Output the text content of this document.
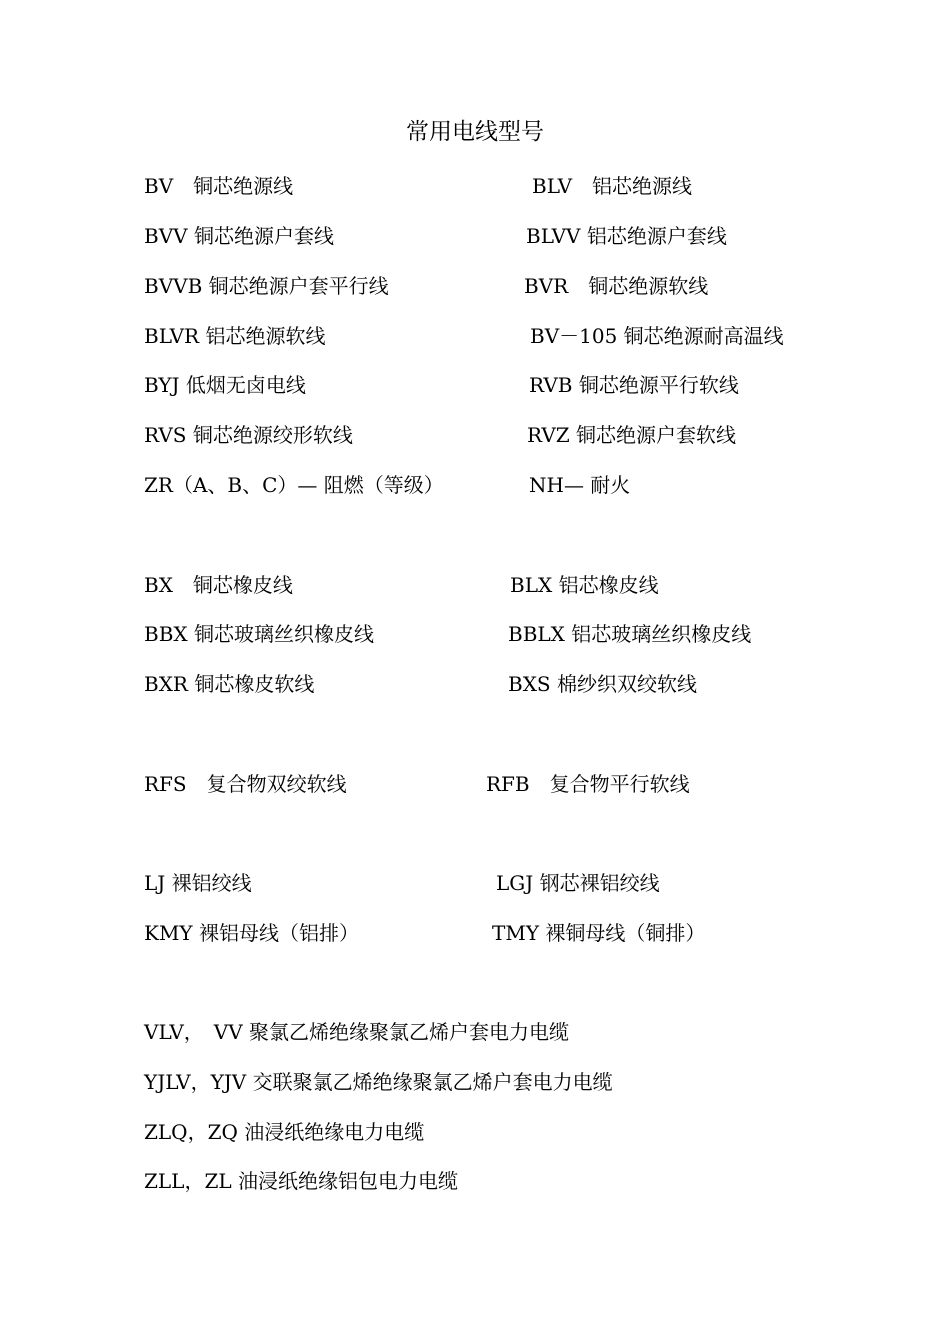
常用电线型号
BV　铜芯绝源线	BLV　铝芯绝源线
BVV 铜芯绝源户套线	BLVV 铝芯绝源户套线
BVVB 铜芯绝源户套平行线	BVR　铜芯绝源软线
BLVR 铝芯绝源软线	BV－105 铜芯绝源耐高温线
BYJ 低烟无卤电线	RVB 铜芯绝源平行软线
RVS 铜芯绝源绞形软线	RVZ 铜芯绝源户套软线
ZR（A、B、C）— 阻燃（等级）	NH— 耐火
BX　铜芯橡皮线	BLX 铝芯橡皮线
BBX 铜芯玻璃丝织橡皮线	BBLX 铝芯玻璃丝织橡皮线
BXR 铜芯橡皮软线	BXS 棉纱织双绞软线
RFS　复合物双绞软线	RFB　复合物平行软线
LJ 裸铝绞线	LGJ 钢芯裸铝绞线
KMY 裸铝母线（铝排）	TMY 裸铜母线（铜排）
VLV，　VV 聚氯乙烯绝缘聚氯乙烯户套电力电缆
YJLV，YJV 交联聚氯乙烯绝缘聚氯乙烯户套电力电缆
ZLQ，ZQ 油浸纸绝缘电力电缆
ZLL，ZL 油浸纸绝缘铝包电力电缆
